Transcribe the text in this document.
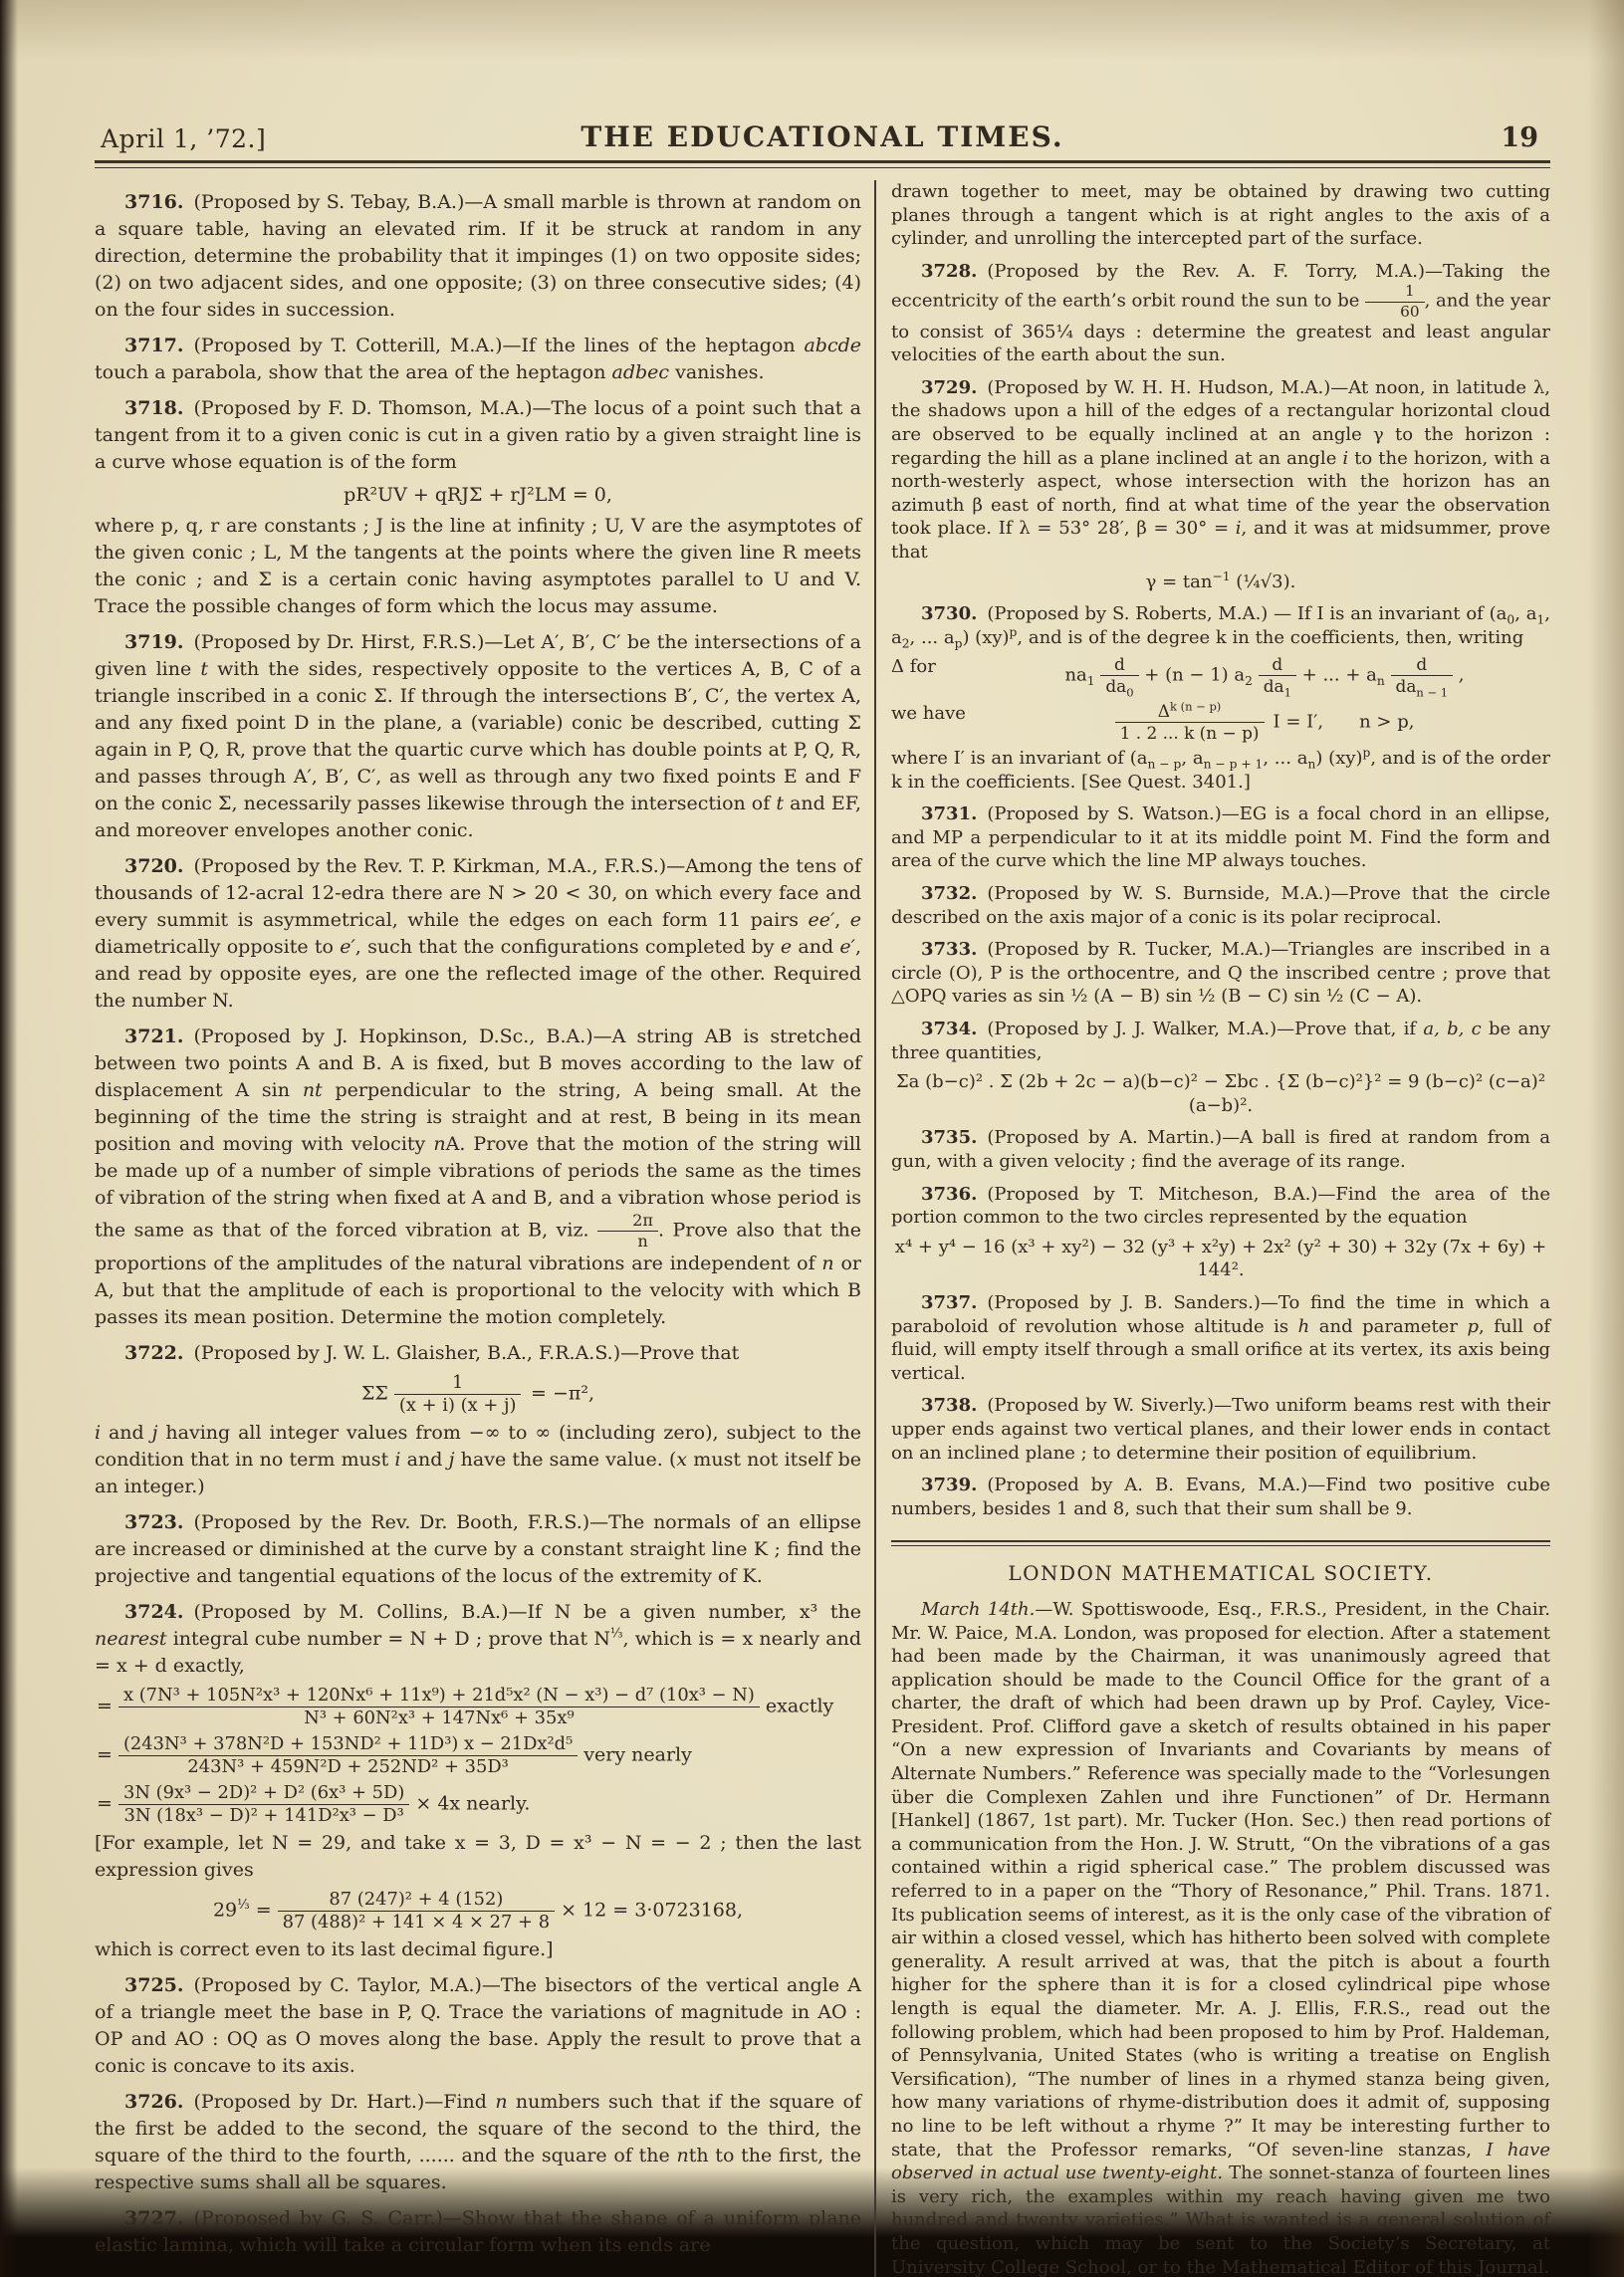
April 1, ’72.]	THE EDUCATIONAL TIMES.	19

3716. (Proposed by S. Tebay, B.A.)—A small marble is thrown at random on a square table, having an elevated rim. If it be struck at random in any direction, determine the probability that it impinges (1) on two opposite sides; (2) on two adjacent sides, and one opposite; (3) on three consecutive sides; (4) on the four sides in succession.

3717. (Proposed by T. Cotterill, M.A.)—If the lines of the heptagon abcde touch a parabola, show that the area of the heptagon adbec vanishes.

3718. (Proposed by F. D. Thomson, M.A.)—The locus of a point such that a tangent from it to a given conic is cut in a given ratio by a given straight line is a curve whose equation is of the form

pR²UV + qRJΣ + rJ²LM = 0,

where p, q, r are constants ; J is the line at infinity ; U, V are the asymptotes of the given conic ; L, M the tangents at the points where the given line R meets the conic ; and Σ is a certain conic having asymptotes parallel to U and V. Trace the possible changes of form which the locus may assume.

3719. (Proposed by Dr. Hirst, F.R.S.)—Let A′, B′, C′ be the intersections of a given line t with the sides, respectively opposite to the vertices A, B, C of a triangle inscribed in a conic Σ. If through the intersections B′, C′, the vertex A, and any fixed point D in the plane, a (variable) conic be described, cutting Σ again in P, Q, R, prove that the quartic curve which has double points at P, Q, R, and passes through A′, B′, C′, as well as through any two fixed points E and F on the conic Σ, necessarily passes likewise through the intersection of t and EF, and moreover envelopes another conic.

3720. (Proposed by the Rev. T. P. Kirkman, M.A., F.R.S.)—Among the tens of thousands of 12-acral 12-edra there are N > 20 < 30, on which every face and every summit is asymmetrical, while the edges on each form 11 pairs ee′, e diametrically opposite to e′, such that the configurations completed by e and e′, and read by opposite eyes, are one the reflected image of the other. Required the number N.

3721. (Proposed by J. Hopkinson, D.Sc., B.A.)—A string AB is stretched between two points A and B. A is fixed, but B moves according to the law of displacement A sin nt perpendicular to the string, A being small. At the beginning of the time the string is straight and at rest, B being in its mean position and moving with velocity nA. Prove that the motion of the string will be made up of a number of simple vibrations of periods the same as the times of vibration of the string when fixed at A and B, and a vibration whose period is the same as that of the forced vibration at B, viz. $\frac{2\pi}{n}$ . Prove also that the proportions of the amplitudes of the natural vibrations are independent of n or A, but that the amplitude of each is proportional to the velocity with which B passes its mean position. Determine the motion completely.

3722. (Proposed by J. W. L. Glaisher, B.A., F.R.A.S.)—Prove that

ΣΣ $\frac{1}{(x + i) (x + j)}$  = −π²,

i and j having all integer values from −∞ to ∞ (including zero), subject to the condition that in no term must i and j have the same value. (x must not itself be an integer.)

3723. (Proposed by the Rev. Dr. Booth, F.R.S.)—The normals of an ellipse are increased or diminished at the curve by a constant straight line K ; find the projective and tangential equations of the locus of the extremity of K.

3724. (Proposed by M. Collins, B.A.)—If N be a given number, x³ the nearest integral cube number = N + D ; prove that $N^{\frac{1}{3}}$, which is = x nearly and = x + d exactly,

= x (7N³ + 105N²x³ + 120Nx⁶ + 11x⁹) + 21d⁵x² (N − x³) − d⁷ (10x³ − N)
N³ + 60N²x³ + 147Nx⁶ + 35x⁹
exactly
= $\frac{\text{(243N³ + 378N²D + 153ND² + 11D³) x − 21Dx²d⁵}}{\text{243N³ + 459N²D + 252ND² + 35D³}}$ very nearly
= $\frac{\text{3N (9x³ − 2D)² + D² (6x³ + 5D)}}{\text{3N (18x³ − D)² + 141D²x³ − D³}} \times 4x$ nearly.

[For example, let N = 29, and take x = 3, D = x³ − N = − 2 ; then the last expression gives

$29^{\frac{1}{3}} = \frac{\text{87 (247)² + 4 (152)}}{\text{87 (488)² + 141 × 4 × 27 + 8}} \times 12 = 3\cdot 0723168$,

which is correct even to its last decimal figure.]

3725. (Proposed by C. Taylor, M.A.)—The bisectors of the vertical angle A of a triangle meet the base in P, Q. Trace the variations of magnitude in AO : OP and AO : OQ as O moves along the base. Apply the result to prove that a conic is concave to its axis.

3726. (Proposed by Dr. Hart.)—Find n numbers such that if the square of the first be added to the second, the square of the second to the third, the square of the third to the fourth, ...... and the square of the nth to the first, the respective sums shall all be squares.

3727. (Proposed by G. S. Carr.)—Show that the shape of a uniform plane elastic lamina, which will take a circular form when its ends are

drawn together to meet, may be obtained by drawing two cutting planes through a tangent which is at right angles to the axis of a cylinder, and unrolling the intercepted part of the surface.

3728. (Proposed by the Rev. A. F. Torry, M.A.)—Taking the eccentricity of the earth’s orbit round the sun to be $\frac{1}{60}$ , and the year to consist of 365¼ days : determine the greatest and least angular velocities of the earth about the sun.

3729. (Proposed by W. H. H. Hudson, M.A.)—At noon, in latitude λ, the shadows upon a hill of the edges of a rectangular horizontal cloud are observed to be equally inclined at an angle γ to the horizon : regarding the hill as a plane inclined at an angle i to the horizon, with a north-westerly aspect, whose intersection with the horizon has an azimuth β east of north, find at what time of the year the observation took place. If λ = 53° 28′, β = 30° = i, and it was at midsummer, prove that

$\gamma = \tan^{-1}$ (¼√3).

3730. (Proposed by S. Roberts, M.A.) — If I is an invariant of ($a_0$, $a_1$, $a_2$, ... $a_p$) (xy)$^p$, and is of the degree k in the coefficients, then, writing

Δ for	$na_1 \frac{d}{da_0} + (n - 1)$ $a_2 \frac{d}{da_1}$ + ... + $a_n \frac{d}{da_{n - 1}}$ ,
we have	$\frac{\Delta^{k (n - p)}}{1 . 2 ... k (n - p)}$  I = I′,  n > p,

where I′ is an invariant of ($a_{n - p}$, $a_{n - p + 1}$, ... $a_n$) (xy)$^p$, and is of the order k in the coefficients. [See Quest. 3401.]

3731. (Proposed by S. Watson.)—EG is a focal chord in an ellipse, and MP a perpendicular to it at its middle point M. Find the form and area of the curve which the line MP always touches.

3732. (Proposed by W. S. Burnside, M.A.)—Prove that the circle described on the axis major of a conic is its polar reciprocal.

3733. (Proposed by R. Tucker, M.A.)—Triangles are inscribed in a circle (O), P is the orthocentre, and Q the inscribed centre ; prove that △OPQ varies as sin ½ (A − B) sin ½ (B − C) sin ½ (C − A).

3734. (Proposed by J. J. Walker, M.A.)—Prove that, if a, b, c be any three quantities,

Σa (b−c)² . Σ (2b + 2c − a)(b−c)² − Σbc . {Σ (b−c)²}² = 9 (b−c)² (c−a)² (a−b)².

3735. (Proposed by A. Martin.)—A ball is fired at random from a gun, with a given velocity ; find the average of its range.

3736. (Proposed by T. Mitcheson, B.A.)—Find the area of the portion common to the two circles represented by the equation

x⁴ + y⁴ − 16 (x³ + xy²) − 32 (y³ + x²y) + 2x² (y² + 30) + 32y (7x + 6y) + 144².

3737. (Proposed by J. B. Sanders.)—To find the time in which a paraboloid of revolution whose altitude is h and parameter p, full of fluid, will empty itself through a small orifice at its vertex, its axis being vertical.

3738. (Proposed by W. Siverly.)—Two uniform beams rest with their upper ends against two vertical planes, and their lower ends in contact on an inclined plane ; to determine their position of equilibrium.

3739. (Proposed by A. B. Evans, M.A.)—Find two positive cube numbers, besides 1 and 8, such that their sum shall be 9.

LONDON MATHEMATICAL SOCIETY.

March 14th.—W. Spottiswoode, Esq., F.R.S., President, in the Chair. Mr. W. Paice, M.A. London, was proposed for election. After a statement had been made by the Chairman, it was unanimously agreed that application should be made to the Council Office for the grant of a charter, the draft of which had been drawn up by Prof. Cayley, Vice-President. Prof. Clifford gave a sketch of results obtained in his paper “On a new expression of Invariants and Covariants by means of Alternate Numbers.” Reference was specially made to the “Vorlesungen über die Complexen Zahlen und ihre Functionen” of Dr. Hermann [Hankel] (1867, 1st part). Mr. Tucker (Hon. Sec.) then read portions of a communication from the Hon. J. W. Strutt, “On the vibrations of a gas contained within a rigid spherical case.” The problem discussed was referred to in a paper on the “Thory of Resonance,” Phil. Trans. 1871. Its publication seems of interest, as it is the only case of the vibration of air within a closed vessel, which has hitherto been solved with complete generality. A result arrived at was, that the pitch is about a fourth higher for the sphere than it is for a closed cylindrical pipe whose length is equal the diameter. Mr. A. J. Ellis, F.R.S., read out the following problem, which had been proposed to him by Prof. Haldeman, of Pennsylvania, United States (who is writing a treatise on English Versification), “The number of lines in a rhymed stanza being given, how many variations of rhyme-distribution does it admit of, supposing no line to be left without a rhyme ?” It may be interesting further to state, that the Professor remarks, “Of seven-line stanzas, I have observed in actual use twenty-eight. The sonnet-stanza of fourteen lines is very rich, the examples within my reach having given me two hundred and twenty varieties.” What is wanted is a general solution of the question, which may be sent to the Society’s Secretary, at University College School, or to the Mathematical Editor of this Journal.
